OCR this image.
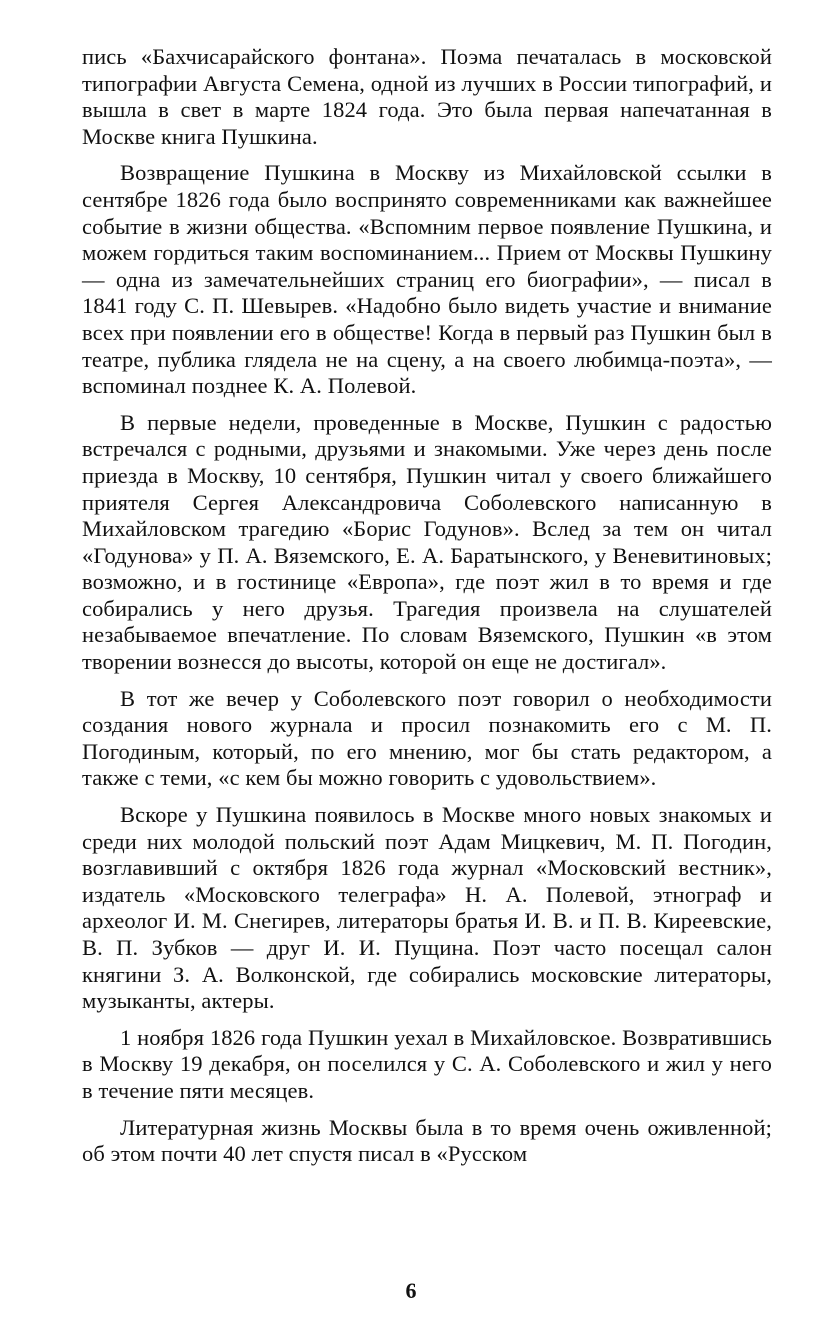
пись «Бахчисарайского фонтана». Поэма печаталась в московской типографии Августа Семена, одной из лучших в России типографий, и вышла в свет в марте 1824 года. Это была первая напечатанная в Москве книга Пушкина.

Возвращение Пушкина в Москву из Михайловской ссылки в сентябре 1826 года было воспринято современниками как важнейшее событие в жизни общества. «Вспомним первое появление Пушкина, и можем гордиться таким воспоминанием... Прием от Москвы Пушкину — одна из замечательнейших страниц его биографии», — писал в 1841 году С. П. Шевырев. «Надобно было видеть участие и внимание всех при появлении его в обществе! Когда в первый раз Пушкин был в театре, публика глядела не на сцену, а на своего любимца-поэта», — вспоминал позднее К. А. Полевой.

В первые недели, проведенные в Москве, Пушкин с радостью встречался с родными, друзьями и знакомыми. Уже через день после приезда в Москву, 10 сентября, Пушкин читал у своего ближайшего приятеля Сергея Александровича Соболевского написанную в Михайловском трагедию «Борис Годунов». Вслед за тем он читал «Годунова» у П. А. Вяземского, Е. А. Баратынского, у Веневитиновых; возможно, и в гостинице «Европа», где поэт жил в то время и где собирались у него друзья. Трагедия произвела на слушателей незабываемое впечатление. По словам Вяземского, Пушкин «в этом творении вознесся до высоты, которой он еще не достигал».

В тот же вечер у Соболевского поэт говорил о необходимости создания нового журнала и просил познакомить его с М. П. Погодиным, который, по его мнению, мог бы стать редактором, а также с теми, «с кем бы можно говорить с удовольствием».

Вскоре у Пушкина появилось в Москве много новых знакомых и среди них молодой польский поэт Адам Мицкевич, М. П. Погодин, возглавивший с октября 1826 года журнал «Московский вестник», издатель «Московского телеграфа» Н. А. Полевой, этнограф и археолог И. М. Снегирев, литераторы братья И. В. и П. В. Киреевские, В. П. Зубков — друг И. И. Пущина. Поэт часто посещал салон княгини З. А. Волконской, где собирались московские литераторы, музыканты, актеры.

1 ноября 1826 года Пушкин уехал в Михайловское. Возвратившись в Москву 19 декабря, он поселился у С. А. Соболевского и жил у него в течение пяти месяцев.

Литературная жизнь Москвы была в то время очень оживленной; об этом почти 40 лет спустя писал в «Русском

6
